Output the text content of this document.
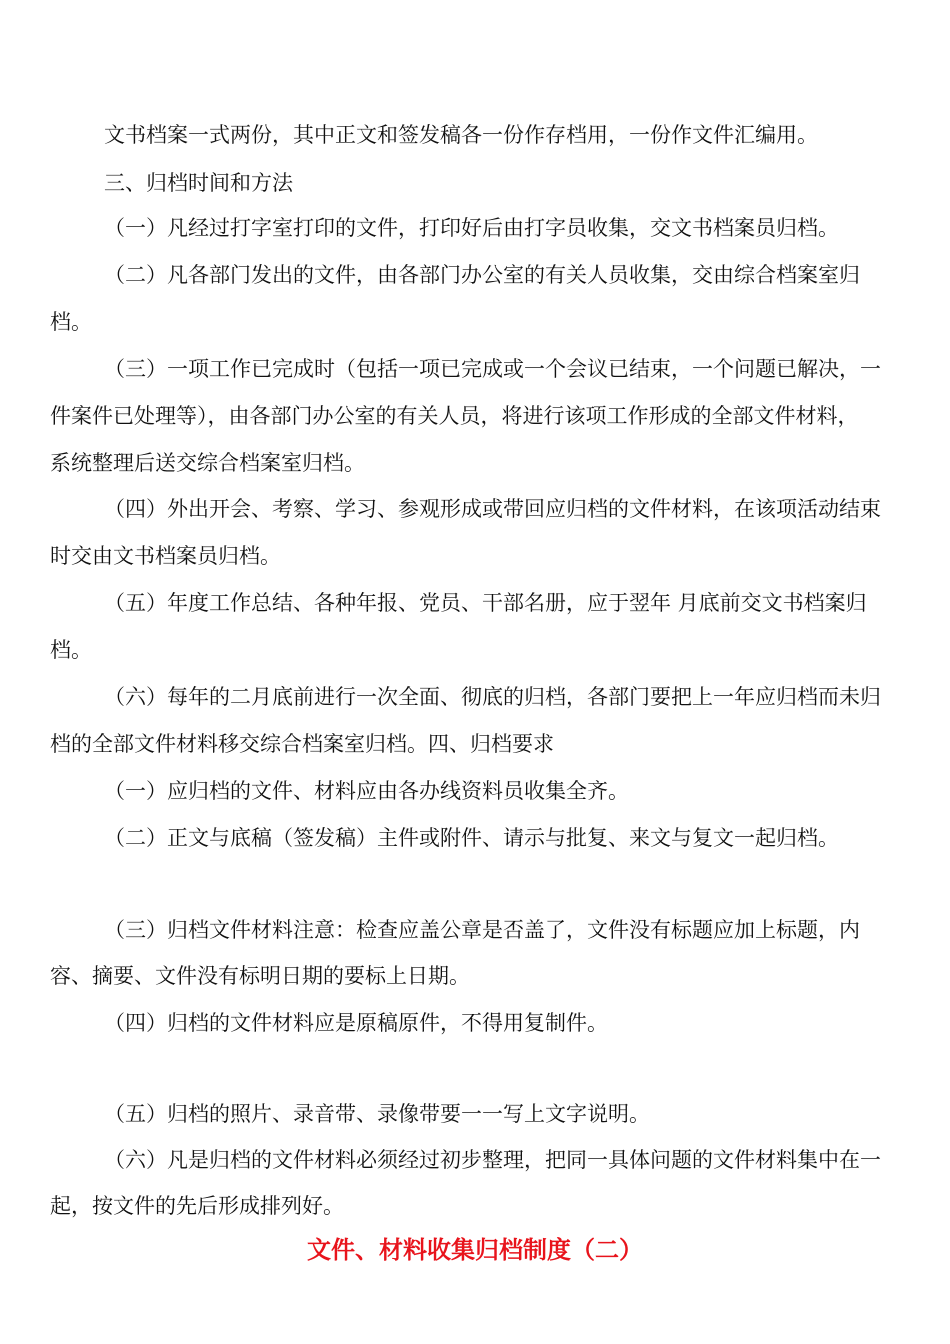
文书档案一式两份，其中正文和签发稿各一份作存档用，一份作文件汇编用。

三、归档时间和方法

（一）凡经过打字室打印的文件，打印好后由打字员收集，交文书档案员归档。

（二）凡各部门发出的文件，由各部门办公室的有关人员收集，交由综合档案室归

档。

（三）一项工作已完成时（包括一项已完成或一个会议已结束，一个问题已解决，一

件案件已处理等），由各部门办公室的有关人员，将进行该项工作形成的全部文件材料，

系统整理后送交综合档案室归档。

（四）外出开会、考察、学习、参观形成或带回应归档的文件材料，在该项活动结束

时交由文书档案员归档。

（五）年度工作总结、各种年报、党员、干部名册，应于翌年 月底前交文书档案归

档。

（六）每年的二月底前进行一次全面、彻底的归档，各部门要把上一年应归档而未归

档的全部文件材料移交综合档案室归档。四、归档要求

（一）应归档的文件、材料应由各办线资料员收集全齐。

（二）正文与底稿（签发稿）主件或附件、请示与批复、来文与复文一起归档。

（三）归档文件材料注意：检查应盖公章是否盖了，文件没有标题应加上标题，内

容、摘要、文件没有标明日期的要标上日期。

（四）归档的文件材料应是原稿原件，不得用复制件。

（五）归档的照片、录音带、录像带要一一写上文字说明。

（六）凡是归档的文件材料必须经过初步整理，把同一具体问题的文件材料集中在一

起，按文件的先后形成排列好。

文件、材料收集归档制度（二）
